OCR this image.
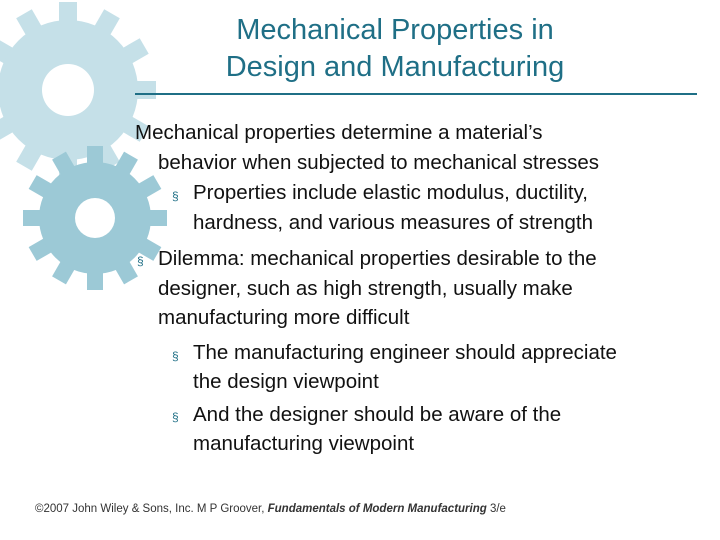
Mechanical Properties in
Design and Manufacturing
Mechanical properties determine a material’s
behavior when subjected to mechanical stresses
§ Properties include elastic modulus, ductility,
hardness, and various measures of strength
§ Dilemma: mechanical properties desirable to the
designer, such as high strength, usually make
manufacturing more difficult
§ The manufacturing engineer should appreciate
the design viewpoint
§ And the designer should be aware of the
manufacturing viewpoint
©2007 John Wiley & Sons, Inc. M P Groover, Fundamentals of Modern Manufacturing 3/e
